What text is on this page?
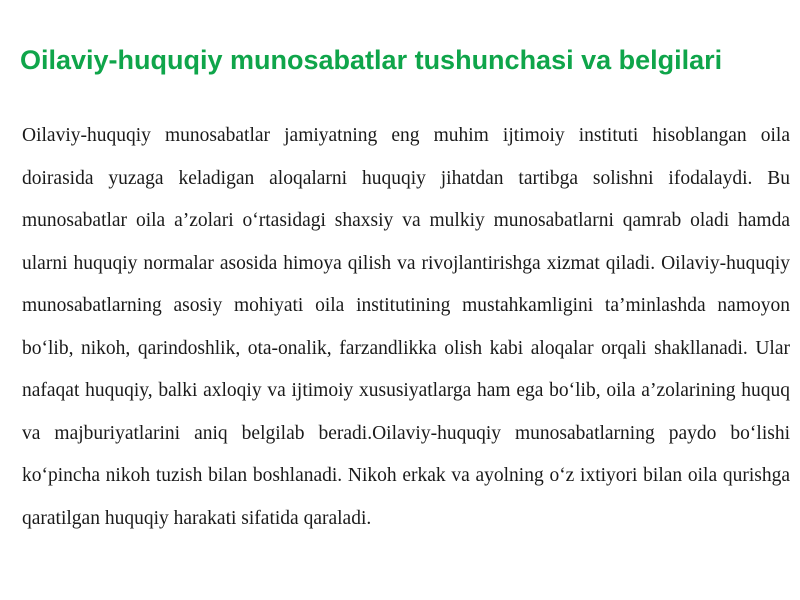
Oilaviy-huquqiy munosabatlar tushunchasi va belgilari

Oilaviy-huquqiy munosabatlar jamiyatning eng muhim ijtimoiy instituti hisoblangan oila doirasida yuzaga keladigan aloqalarni huquqiy jihatdan tartibga solishni ifodalaydi. Bu munosabatlar oila a’zolari o‘rtasidagi shaxsiy va mulkiy munosabatlarni qamrab oladi hamda ularni huquqiy normalar asosida himoya qilish va rivojlantirishga xizmat qiladi. Oilaviy-huquqiy munosabatlarning asosiy mohiyati oila institutining mustahkamligini ta’minlashda namoyon bo‘lib, nikoh, qarindoshlik, ota-onalik, farzandlikka olish kabi aloqalar orqali shakllanadi. Ular nafaqat huquqiy, balki axloqiy va ijtimoiy xususiyatlarga ham ega bo‘lib, oila a’zolarining huquq va majburiyatlarini aniq belgilab beradi.Oilaviy-huquqiy munosabatlarning paydo bo‘lishi ko‘pincha nikoh tuzish bilan boshlanadi. Nikoh erkak va ayolning o‘z ixtiyori bilan oila qurishga qaratilgan huquqiy harakati sifatida qaraladi.
